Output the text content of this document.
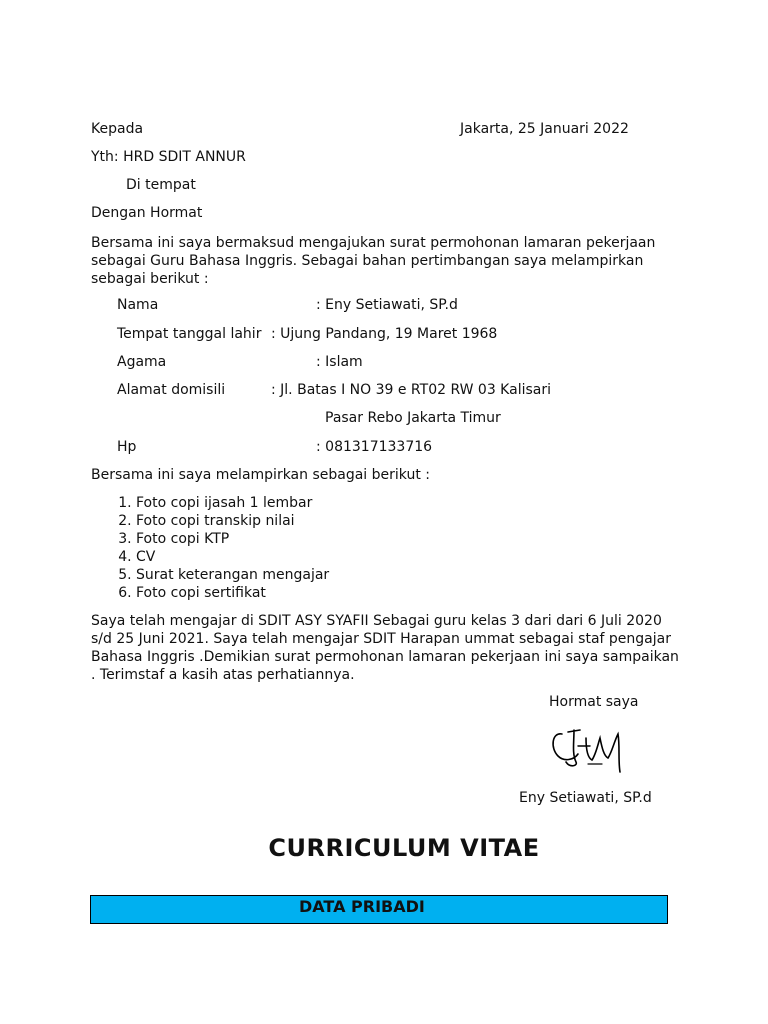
Kepada	Jakarta, 25 Januari 2022
Yth: HRD SDIT ANNUR
Di tempat
Dengan Hormat
Bersama ini saya bermaksud mengajukan surat permohonan lamaran pekerjaan sebagai Guru Bahasa Inggris. Sebagai bahan pertimbangan saya melampirkan sebagai berikut :
Nama	: Eny Setiawati, SP.d
Tempat tanggal lahir : Ujung Pandang, 19 Maret 1968
Agama	: Islam
Alamat domisili	: Jl. Batas I NO 39 e RT02 RW 03 Kalisari
Pasar Rebo Jakarta Timur
Hp	: 081317133716
Bersama ini saya melampirkan sebagai berikut :
1. Foto copi ijasah 1 lembar
2. Foto copi transkip nilai
3. Foto copi KTP
4. CV
5. Surat keterangan mengajar
6. Foto copi sertifikat
Saya telah mengajar di SDIT ASY SYAFII Sebagai guru kelas 3 dari dari 6 Juli 2020 s/d 25 Juni 2021. Saya telah mengajar SDIT Harapan ummat sebagai staf pengajar Bahasa Inggris .Demikian surat permohonan lamaran pekerjaan ini saya sampaikan . Terimstaf a kasih atas perhatiannya.
Hormat saya
Eny Setiawati, SP.d
CURRICULUM VITAE
DATA PRIBADI
